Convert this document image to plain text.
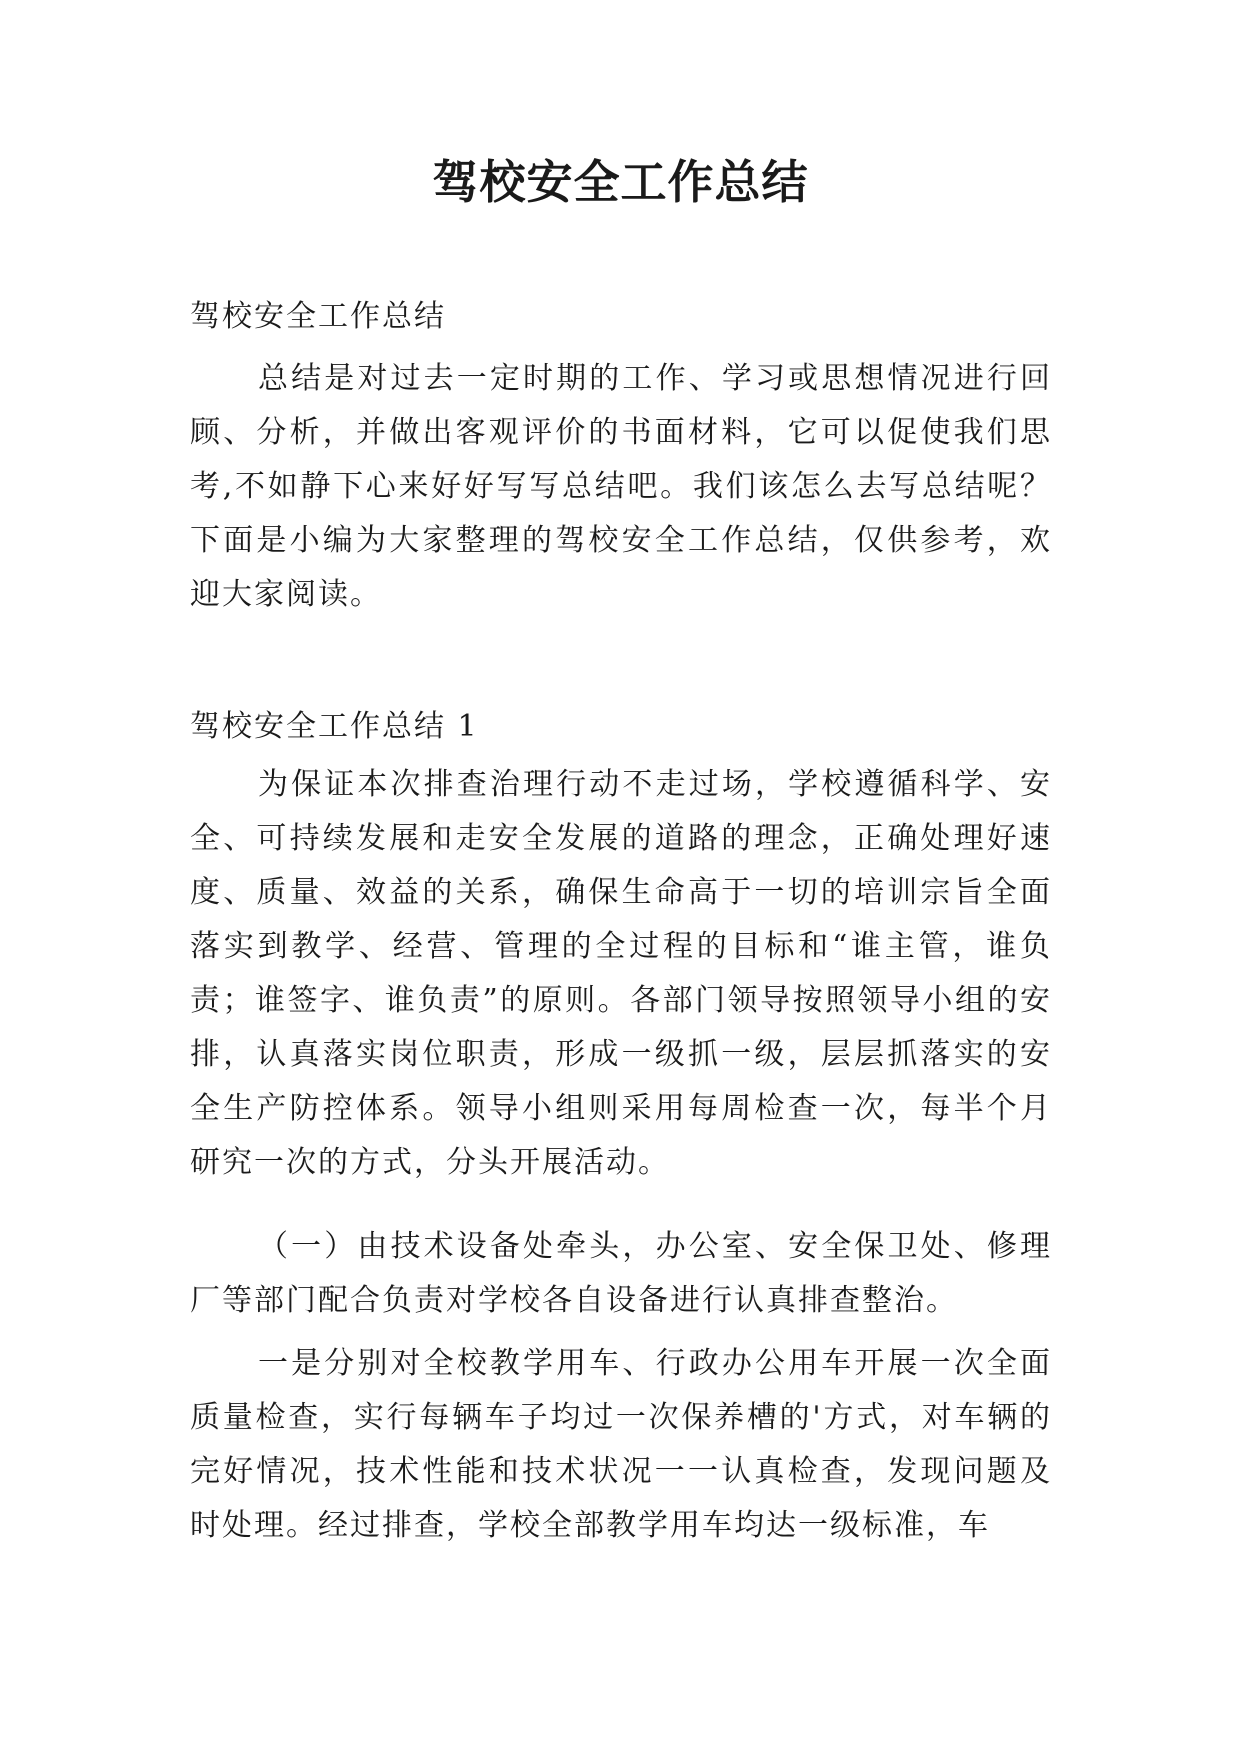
驾校安全工作总结

驾校安全工作总结

总结是对过去一定时期的工作、学习或思想情况进行回顾、分析，并做出客观评价的书面材料，它可以促使我们思考,不如静下心来好好写写总结吧。我们该怎么去写总结呢？下面是小编为大家整理的驾校安全工作总结，仅供参考，欢迎大家阅读。

驾校安全工作总结 1

为保证本次排查治理行动不走过场，学校遵循科学、安全、可持续发展和走安全发展的道路的理念，正确处理好速度、质量、效益的关系，确保生命高于一切的培训宗旨全面落实到教学、经营、管理的全过程的目标和“谁主管，谁负责；谁签字、谁负责”的原则。各部门领导按照领导小组的安排，认真落实岗位职责，形成一级抓一级，层层抓落实的安全生产防控体系。领导小组则采用每周检查一次，每半个月研究一次的方式，分头开展活动。

（一）由技术设备处牵头，办公室、安全保卫处、修理厂等部门配合负责对学校各自设备进行认真排查整治。

一是分别对全校教学用车、行政办公用车开展一次全面质量检查，实行每辆车子均过一次保养槽的'方式，对车辆的完好情况，技术性能和技术状况一一认真检查，发现问题及时处理。经过排查，学校全部教学用车均达一级标准，车
